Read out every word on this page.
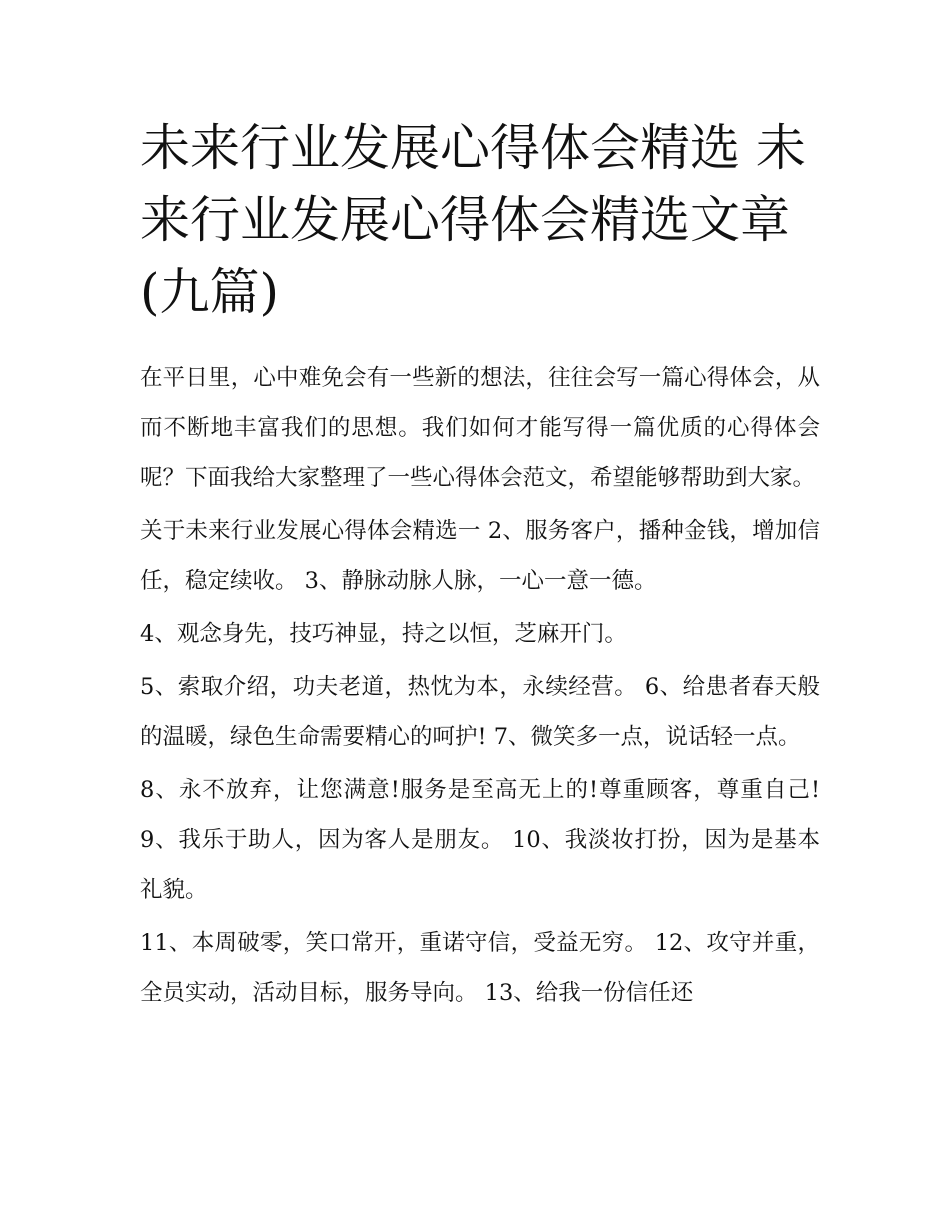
未来行业发展心得体会精选 未来行业发展心得体会精选文章(九篇)

在平日里，心中难免会有一些新的想法，往往会写一篇心得体会，从而不断地丰富我们的思想。我们如何才能写得一篇优质的心得体会呢？下面我给大家整理了一些心得体会范文，希望能够帮助到大家。

关于未来行业发展心得体会精选一 2、服务客户，播种金钱，增加信任，稳定续收。 3、静脉动脉人脉，一心一意一德。

4、观念身先，技巧神显，持之以恒，芝麻开门。

5、索取介绍，功夫老道，热忱为本，永续经营。 6、给患者春天般的温暖，绿色生命需要精心的呵护! 7、微笑多一点，说话轻一点。

8、永不放弃，让您满意!服务是至高无上的!尊重顾客，尊重自己! 9、我乐于助人，因为客人是朋友。 10、我淡妆打扮，因为是基本礼貌。

11、本周破零，笑口常开，重诺守信，受益无穷。 12、攻守并重，全员实动，活动目标，服务导向。 13、给我一份信任还
